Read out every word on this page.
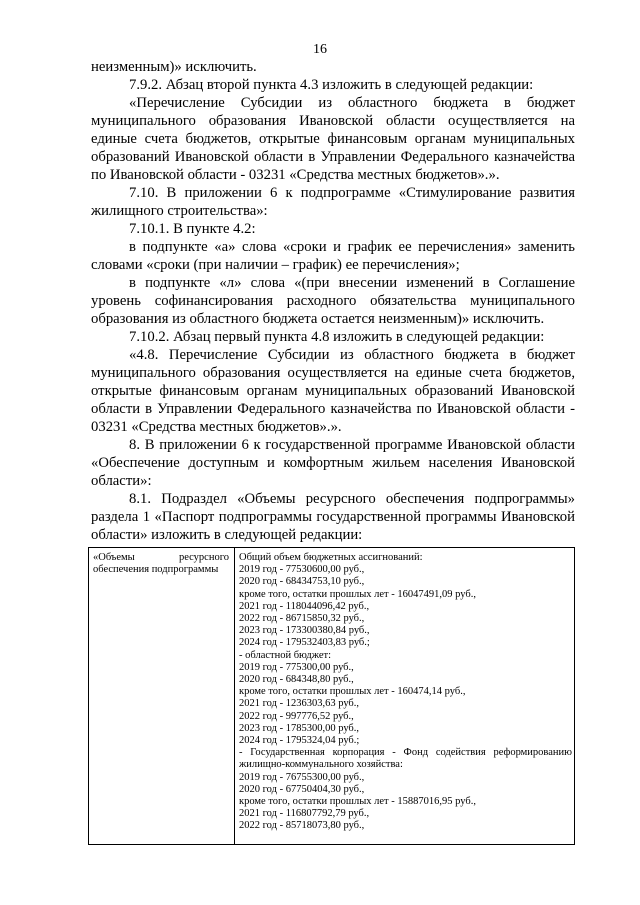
16

неизменным)» исключить.

7.9.2. Абзац второй пункта 4.3 изложить в следующей редакции:

«Перечисление Субсидии из областного бюджета в бюджет муниципального образования Ивановской области осуществляется на единые счета бюджетов, открытые финансовым органам муниципальных образований Ивановской области в Управлении Федерального казначейства по Ивановской области - 03231 «Средства местных бюджетов».».

7.10. В приложении 6 к подпрограмме «Стимулирование развития жилищного строительства»:

7.10.1. В пункте 4.2:

в подпункте «а» слова «сроки и график ее перечисления» заменить словами «сроки (при наличии – график) ее перечисления»;

в подпункте «л» слова «(при внесении изменений в Соглашение уровень софинансирования расходного обязательства муниципального образования из областного бюджета остается неизменным)» исключить.

7.10.2. Абзац первый пункта 4.8 изложить в следующей редакции:

«4.8. Перечисление Субсидии из областного бюджета в бюджет муниципального образования осуществляется на единые счета бюджетов, открытые финансовым органам муниципальных образований Ивановской области в Управлении Федерального казначейства по Ивановской области - 03231 «Средства местных бюджетов».».

8. В приложении 6 к государственной программе Ивановской области «Обеспечение доступным и комфортным жильем населения Ивановской области»:

8.1. Подраздел «Объемы ресурсного обеспечения подпрограммы» раздела 1 «Паспорт подпрограммы государственной программы Ивановской области» изложить в следующей редакции:

«Объемы ресурсного обеспечения подпрограммы
Общий объем бюджетных ассигнований:
2019 год - 77530600,00 руб.,
2020 год - 68434753,10 руб.,
кроме того, остатки прошлых лет - 16047491,09 руб.,
2021 год - 118044096,42 руб.,
2022 год - 86715850,32 руб.,
2023 год - 173300380,84 руб.,
2024 год - 179532403,83 руб.;
- областной бюджет:
2019 год - 775300,00 руб.,
2020 год - 684348,80 руб.,
кроме того, остатки прошлых лет - 160474,14 руб.,
2021 год - 1236303,63 руб.,
2022 год - 997776,52 руб.,
2023 год - 1785300,00 руб.,
2024 год - 1795324,04 руб.;
- Государственная корпорация - Фонд содействия реформированию жилищно-коммунального хозяйства:
2019 год - 76755300,00 руб.,
2020 год - 67750404,30 руб.,
кроме того, остатки прошлых лет - 15887016,95 руб.,
2021 год - 116807792,79 руб.,
2022 год - 85718073,80 руб.,
